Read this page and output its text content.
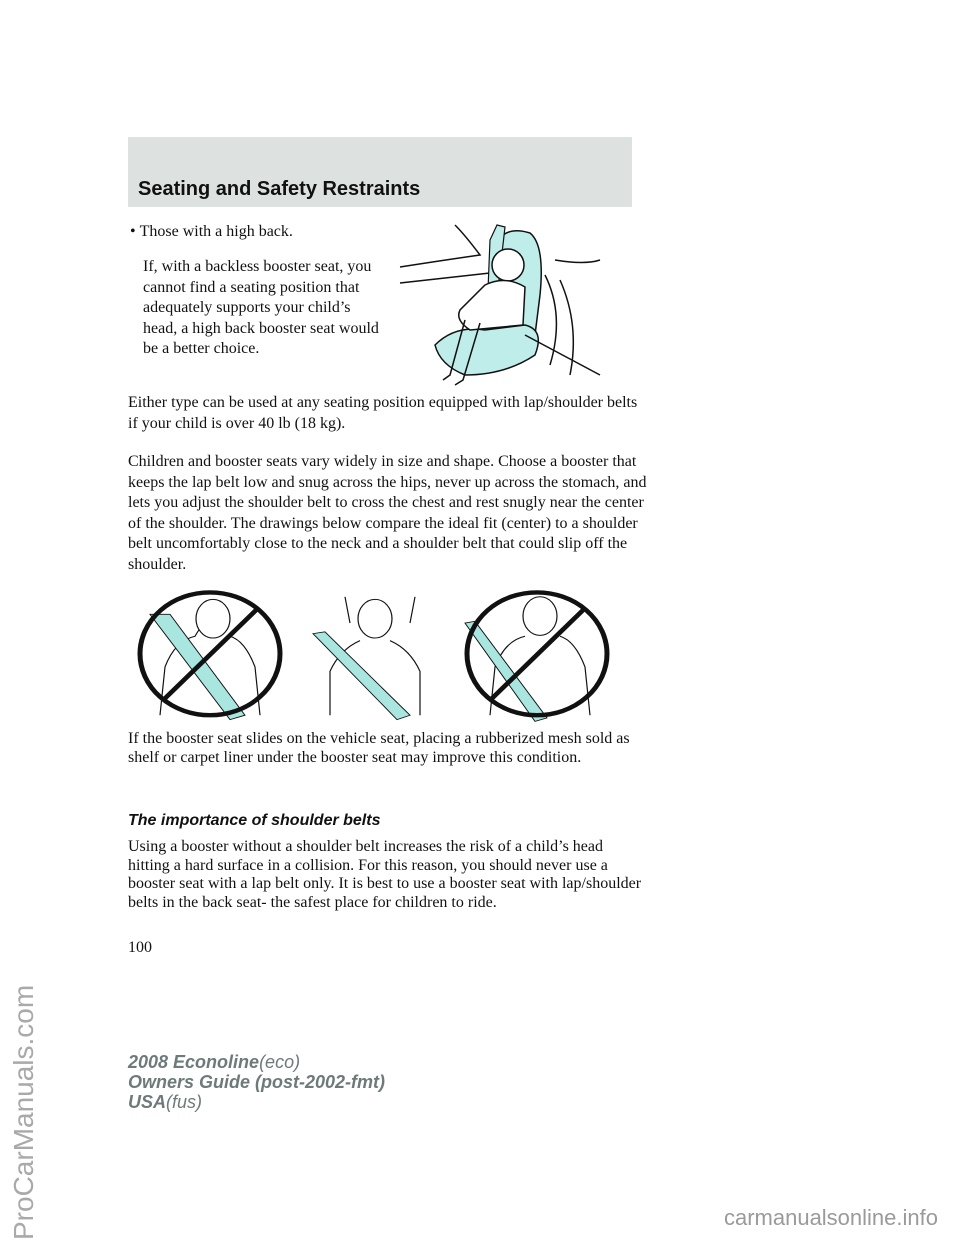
Seating and Safety Restraints
• Those with a high back.

If, with a backless booster seat, you cannot find a seating position that adequately supports your child’s head, a high back booster seat would be a better choice.

Either type can be used at any seating position equipped with lap/shoulder belts if your child is over 40 lb (18 kg).

Children and booster seats vary widely in size and shape. Choose a booster that keeps the lap belt low and snug across the hips, never up across the stomach, and lets you adjust the shoulder belt to cross the chest and rest snugly near the center of the shoulder. The drawings below compare the ideal fit (center) to a shoulder belt uncomfortably close to the neck and a shoulder belt that could slip off the shoulder.

If the booster seat slides on the vehicle seat, placing a rubberized mesh sold as shelf or carpet liner under the booster seat may improve this condition.

The importance of shoulder belts

Using a booster without a shoulder belt increases the risk of a child’s head hitting a hard surface in a collision. For this reason, you should never use a booster seat with a lap belt only. It is best to use a booster seat with lap/shoulder belts in the back seat- the safest place for children to ride.

100
2008 Econoline(eco)
Owners Guide (post-2002-fmt)
USA(fus)
ProCarManuals.com	carmanualsonline.info
